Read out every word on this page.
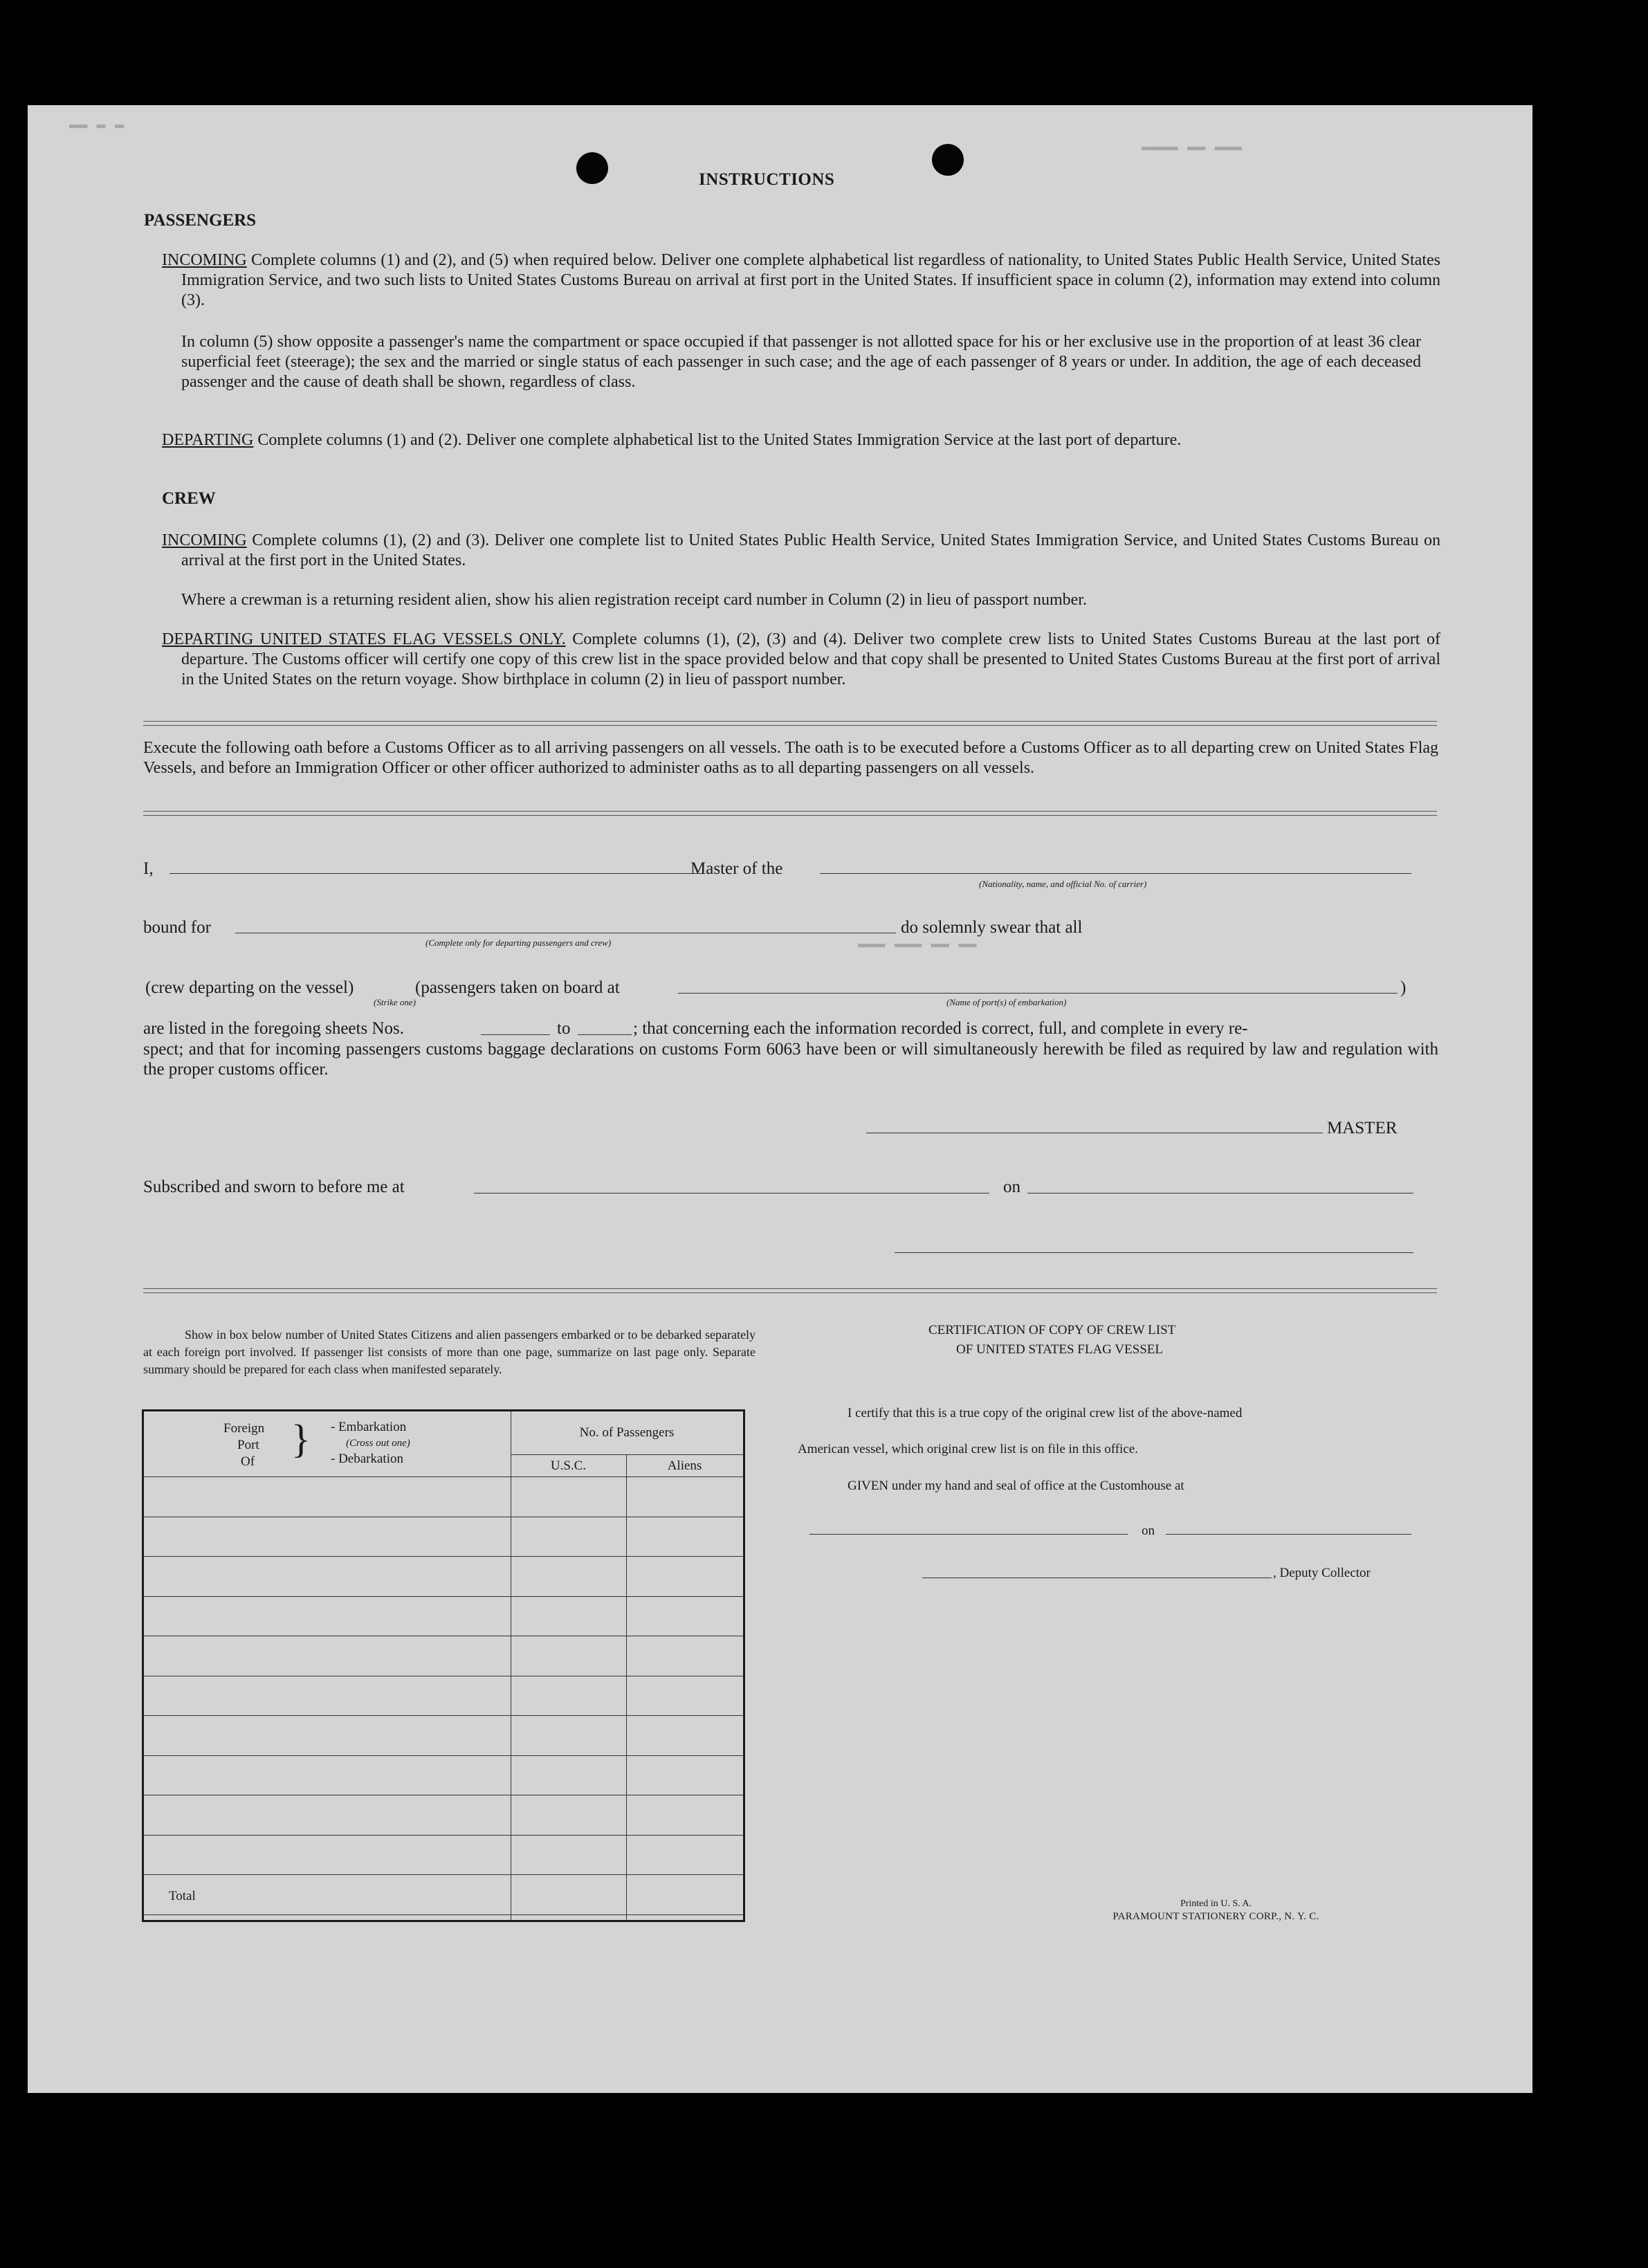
▬▬ ▬ ▬
▬▬▬▬ ▬▬ ▬▬▬
▬▬▬ ▬▬▬ ▬▬ ▬▬
INSTRUCTIONS
PASSENGERS
INCOMING Complete columns (1) and (2), and (5) when required below. Deliver one complete alphabetical list regardless of nationality, to United States Public Health Service, United States Immigration Service, and two such lists to United States Customs Bureau on arrival at first port in the United States. If insufficient space in column (2), information may extend into column (3).
In column (5) show opposite a passenger's name the compartment or space occupied if that passenger is not allotted space for his or her exclusive use in the proportion of at least 36 clear superficial feet (steerage); the sex and the married or single status of each passenger in such case; and the age of each passenger of 8 years or under. In addition, the age of each deceased passenger and the cause of death shall be shown, regardless of class.
DEPARTING Complete columns (1) and (2). Deliver one complete alphabetical list to the United States Immigration Service at the last port of departure.
CREW
INCOMING Complete columns (1), (2) and (3). Deliver one complete list to United States Public Health Service, United States Immigration Service, and United States Customs Bureau on arrival at the first port in the United States.
Where a crewman is a returning resident alien, show his alien registration receipt card number in Column (2) in lieu of passport number.
DEPARTING UNITED STATES FLAG VESSELS ONLY. Complete columns (1), (2), (3) and (4). Deliver two complete crew lists to United States Customs Bureau at the last port of departure. The Customs officer will certify one copy of this crew list in the space provided below and that copy shall be presented to United States Customs Bureau at the first port of arrival in the United States on the return voyage. Show birthplace in column (2) in lieu of passport number.
Execute the following oath before a Customs Officer as to all arriving passengers on all vessels. The oath is to be executed before a Customs Officer as to all departing crew on United States Flag Vessels, and before an Immigration Officer or other officer authorized to administer oaths as to all departing passengers on all vessels.
I,	Master of the
(Nationality, name, and official No. of carrier)
bound for
(Complete only for departing passengers and crew)
do solemnly swear that all
(crew departing on the vessel)
(Strike one)
(passengers taken on board at	)
(Name of port(s) of embarkation)
are listed in the foregoing sheets Nos.	to	; that concerning each the information recorded is correct, full, and complete in every re-
spect; and that for incoming passengers customs baggage declarations on customs Form 6063 have been or will simultaneously herewith be filed as required by law and regulation with the proper customs officer.
MASTER
Subscribed and sworn to before me at	on
Show in box below number of United States Citizens and alien passengers embarked or to be debarked separately at each foreign port involved. If passenger list consists of more than one page, summarize on last page only. Separate summary should be prepared for each class when manifested separately.
Foreign
Port
Of
} - Embarkation
(Cross out one)
- Debarkation
No. of Passengers
U.S.C.	Aliens
Total
CERTIFICATION OF COPY OF CREW LIST
OF UNITED STATES FLAG VESSEL
I certify that this is a true copy of the original crew list of the above-named
American vessel, which original crew list is on file in this office.
GIVEN under my hand and seal of office at the Customhouse at
on
, Deputy Collector
Printed in U. S. A.
PARAMOUNT STATIONERY CORP., N. Y. C.
